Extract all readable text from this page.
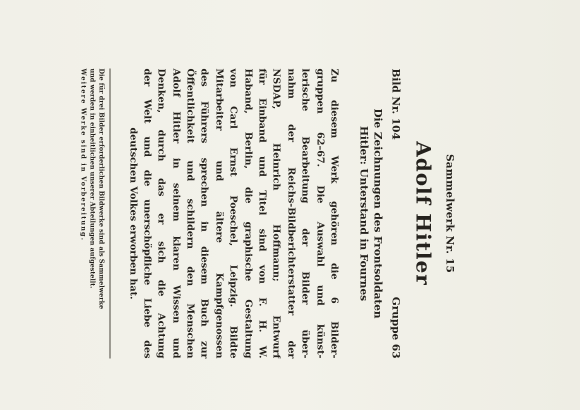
Sammelwerk Nr. 15
Adolf Hitler
Bild Nr. 104
Gruppe 63
Die Zeichnungen des Frontsoldaten
Hitler: Unterstand in Fournes
Zu diesem Werk gehören die 6 Bilder-
gruppen 62–67. Die Auswahl und künst-
lerische Bearbeitung der Bilder über-
nahm der Reichs-Bildberichterstatter der
NSDAP, Heinrich Hoffmann; Entwurf
für Einband und Titel sind von F. H. W.
Haband, Berlin, die graphische Gestaltung
von Carl Ernst Poeschel, Leipzig. Bildte
Mitarbeiter und ältere Kampfgenossen
des Führers sprechen in diesem Buch zur
Öffentlichkeit und schildern den Menschen
Adolf Hitler in seinem klaren Wissen und
Denken, durch das er sich die Achtung
der Welt und die unerschöpfliche Liebe des
deutschen Volkes erworben hat.
Die für drei Bilder erforderlichen Bildwerke sind als Sammelwerke
und werden in einheitlichen unserer Abteilungen aufgestellt.
Weitere Werke sind in Vorbereitung.
